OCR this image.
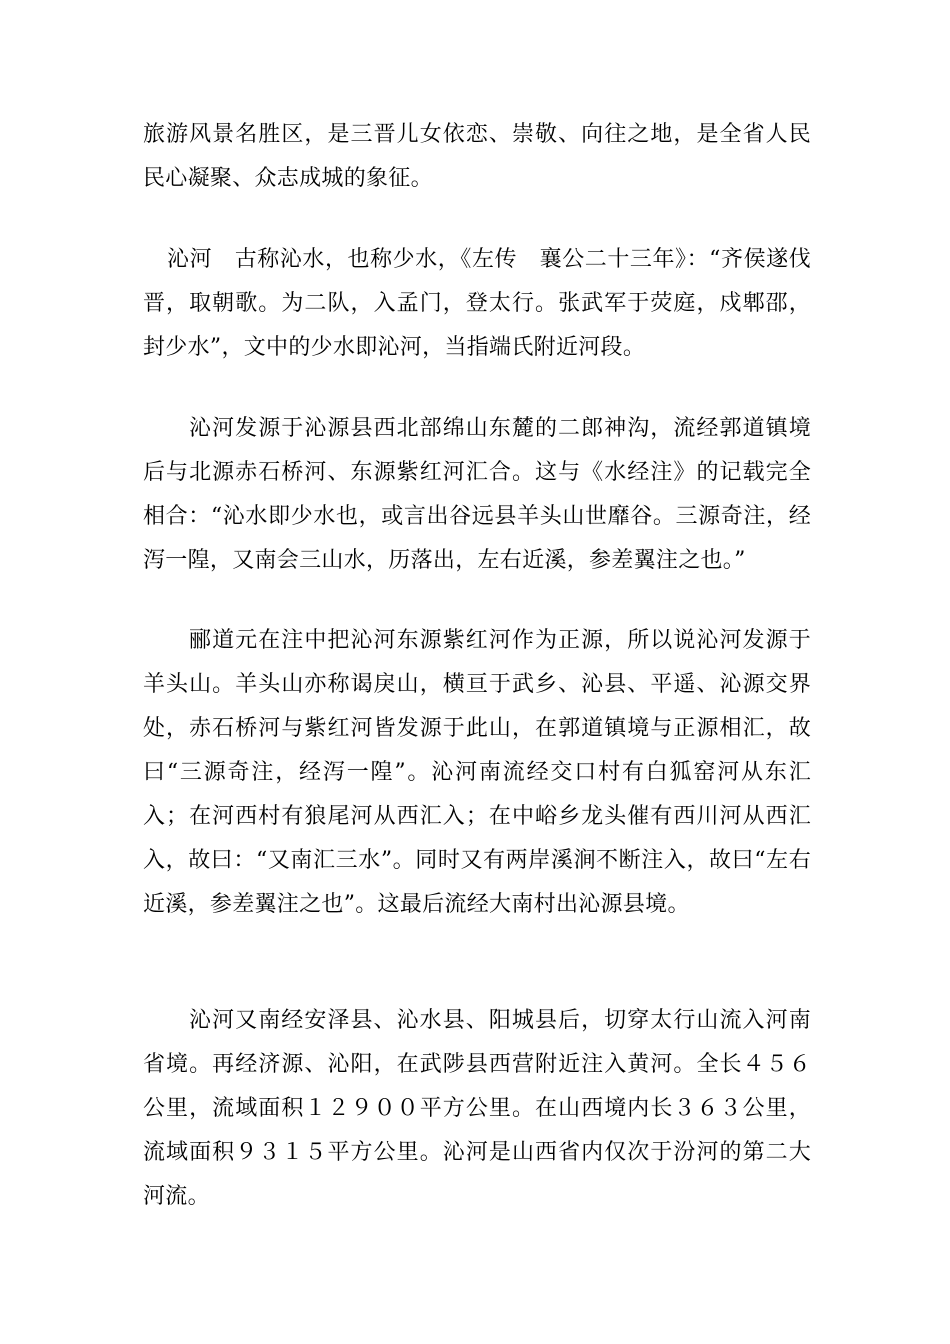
旅游风景名胜区，是三晋儿女依恋、崇敬、向往之地，是全省人民民心凝聚、众志成城的象征。

沁河　古称沁水，也称少水，《左传　襄公二十三年》：“齐侯遂伐晋，取朝歌。为二队，入孟门，登太行。张武军于荧庭，戍郫邵，封少水”，文中的少水即沁河，当指端氏附近河段。

沁河发源于沁源县西北部绵山东麓的二郎神沟，流经郭道镇境后与北源赤石桥河、东源紫红河汇合。这与《水经注》的记载完全相合：“沁水即少水也，或言出谷远县羊头山世靡谷。三源奇注，经泻一隍，又南会三山水，历落出，左右近溪，参差翼注之也。”

郦道元在注中把沁河东源紫红河作为正源，所以说沁河发源于羊头山。羊头山亦称谒戾山，横亘于武乡、沁县、平遥、沁源交界处，赤石桥河与紫红河皆发源于此山，在郭道镇境与正源相汇，故曰“三源奇注，经泻一隍”。沁河南流经交口村有白狐窑河从东汇入；在河西村有狼尾河从西汇入；在中峪乡龙头催有西川河从西汇入，故曰：“又南汇三水”。同时又有两岸溪涧不断注入，故曰“左右近溪，参差翼注之也”。这最后流经大南村出沁源县境。

沁河又南经安泽县、沁水县、阳城县后，切穿太行山流入河南省境。再经济源、沁阳，在武陟县西营附近注入黄河。全长４５６公里，流域面积１２９００平方公里。在山西境内长３６３公里，流域面积９３１５平方公里。沁河是山西省内仅次于汾河的第二大河流。
